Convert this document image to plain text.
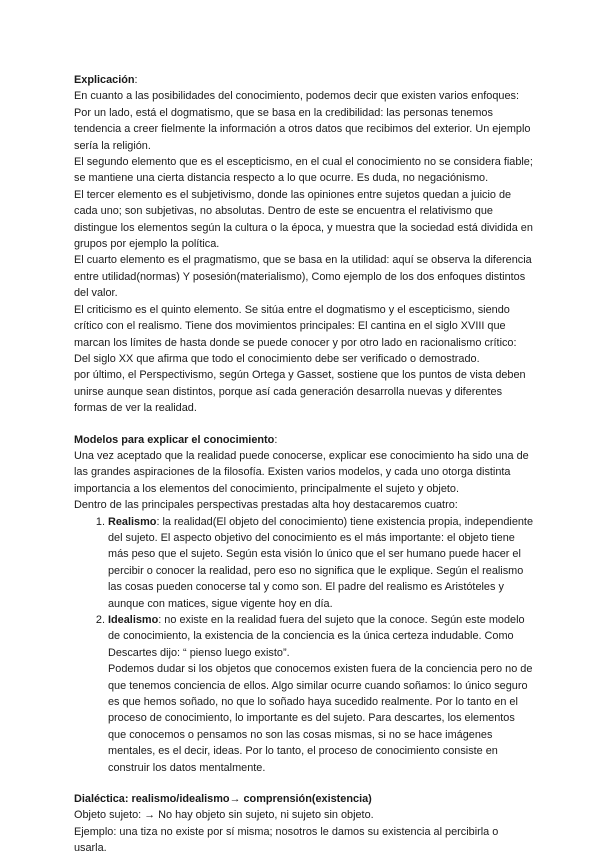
Explicación:

En cuanto a las posibilidades del conocimiento, podemos decir que existen varios enfoques:

Por un lado, está el dogmatismo, que se basa en la credibilidad: las personas tenemos tendencia a creer fielmente la información a otros datos que recibimos del exterior. Un ejemplo sería la religión.

El segundo elemento que es el escepticismo, en el cual el conocimiento no se considera fiable; se mantiene una cierta distancia respecto a lo que ocurre. Es duda, no negaciónismo.

El tercer elemento es el subjetivismo, donde las opiniones entre sujetos quedan a juicio de cada uno; son subjetivas, no absolutas. Dentro de este se encuentra el relativismo que distingue los elementos según la cultura o la época, y muestra que la sociedad está dividida en grupos por ejemplo la política.

El cuarto elemento es el pragmatismo, que se basa en la utilidad: aquí se observa la diferencia entre utilidad(normas) Y posesión(materialismo), Como ejemplo de los dos enfoques distintos del valor.

El criticismo es el quinto elemento. Se sitúa entre el dogmatismo y el escepticismo, siendo crítico con el realismo. Tiene dos movimientos principales: El cantina en el siglo XVIII que marcan los límites de hasta donde se puede conocer y por otro lado en racionalismo crítico:

Del siglo XX que afirma que todo el conocimiento debe ser verificado o demostrado.

por último, el Perspectivismo, según Ortega y Gasset, sostiene que los puntos de vista deben unirse aunque sean distintos, porque así cada generación desarrolla nuevas y diferentes formas de ver la realidad.

Modelos para explicar el conocimiento:

Una vez aceptado que la realidad puede conocerse, explicar ese conocimiento ha sido una de las grandes aspiraciones de la filosofía. Existen varios modelos, y cada uno otorga distinta importancia a los elementos del conocimiento, principalmente el sujeto y objeto.

Dentro de las principales perspectivas prestadas alta hoy destacaremos cuatro:

1. Realismo: la realidad(El objeto del conocimiento) tiene existencia propia, independiente del sujeto. El aspecto objetivo del conocimiento es el más importante: el objeto tiene más peso que el sujeto. Según esta visión lo único que el ser humano puede hacer el percibir o conocer la realidad, pero eso no significa que le explique. Según el realismo las cosas pueden conocerse tal y como son. El padre del realismo es Aristóteles y aunque con matices, sigue vigente hoy en día.
2. Idealismo: no existe en la realidad fuera del sujeto que la conoce. Según este modelo de conocimiento, la existencia de la conciencia es la única certeza indudable. Como Descartes dijo: “ pienso luego existo”.

Podemos dudar si los objetos que conocemos existen fuera de la conciencia pero no de que tenemos conciencia de ellos. Algo similar ocurre cuando soñamos: lo único seguro es que hemos soñado, no que lo soñado haya sucedido realmente. Por lo tanto en el proceso de conocimiento, lo importante es del sujeto. Para descartes, los elementos que conocemos o pensamos no son las cosas mismas, si no se hace imágenes mentales, es el decir, ideas. Por lo tanto, el proceso de conocimiento consiste en construir los datos mentalmente.

Dialéctica: realismo/idealismo→ comprensión(existencia)

Objeto sujeto: → No hay objeto sin sujeto, ni sujeto sin objeto.

Ejemplo: una tiza no existe por sí misma; nosotros le damos su existencia al percibirla o usarla.
